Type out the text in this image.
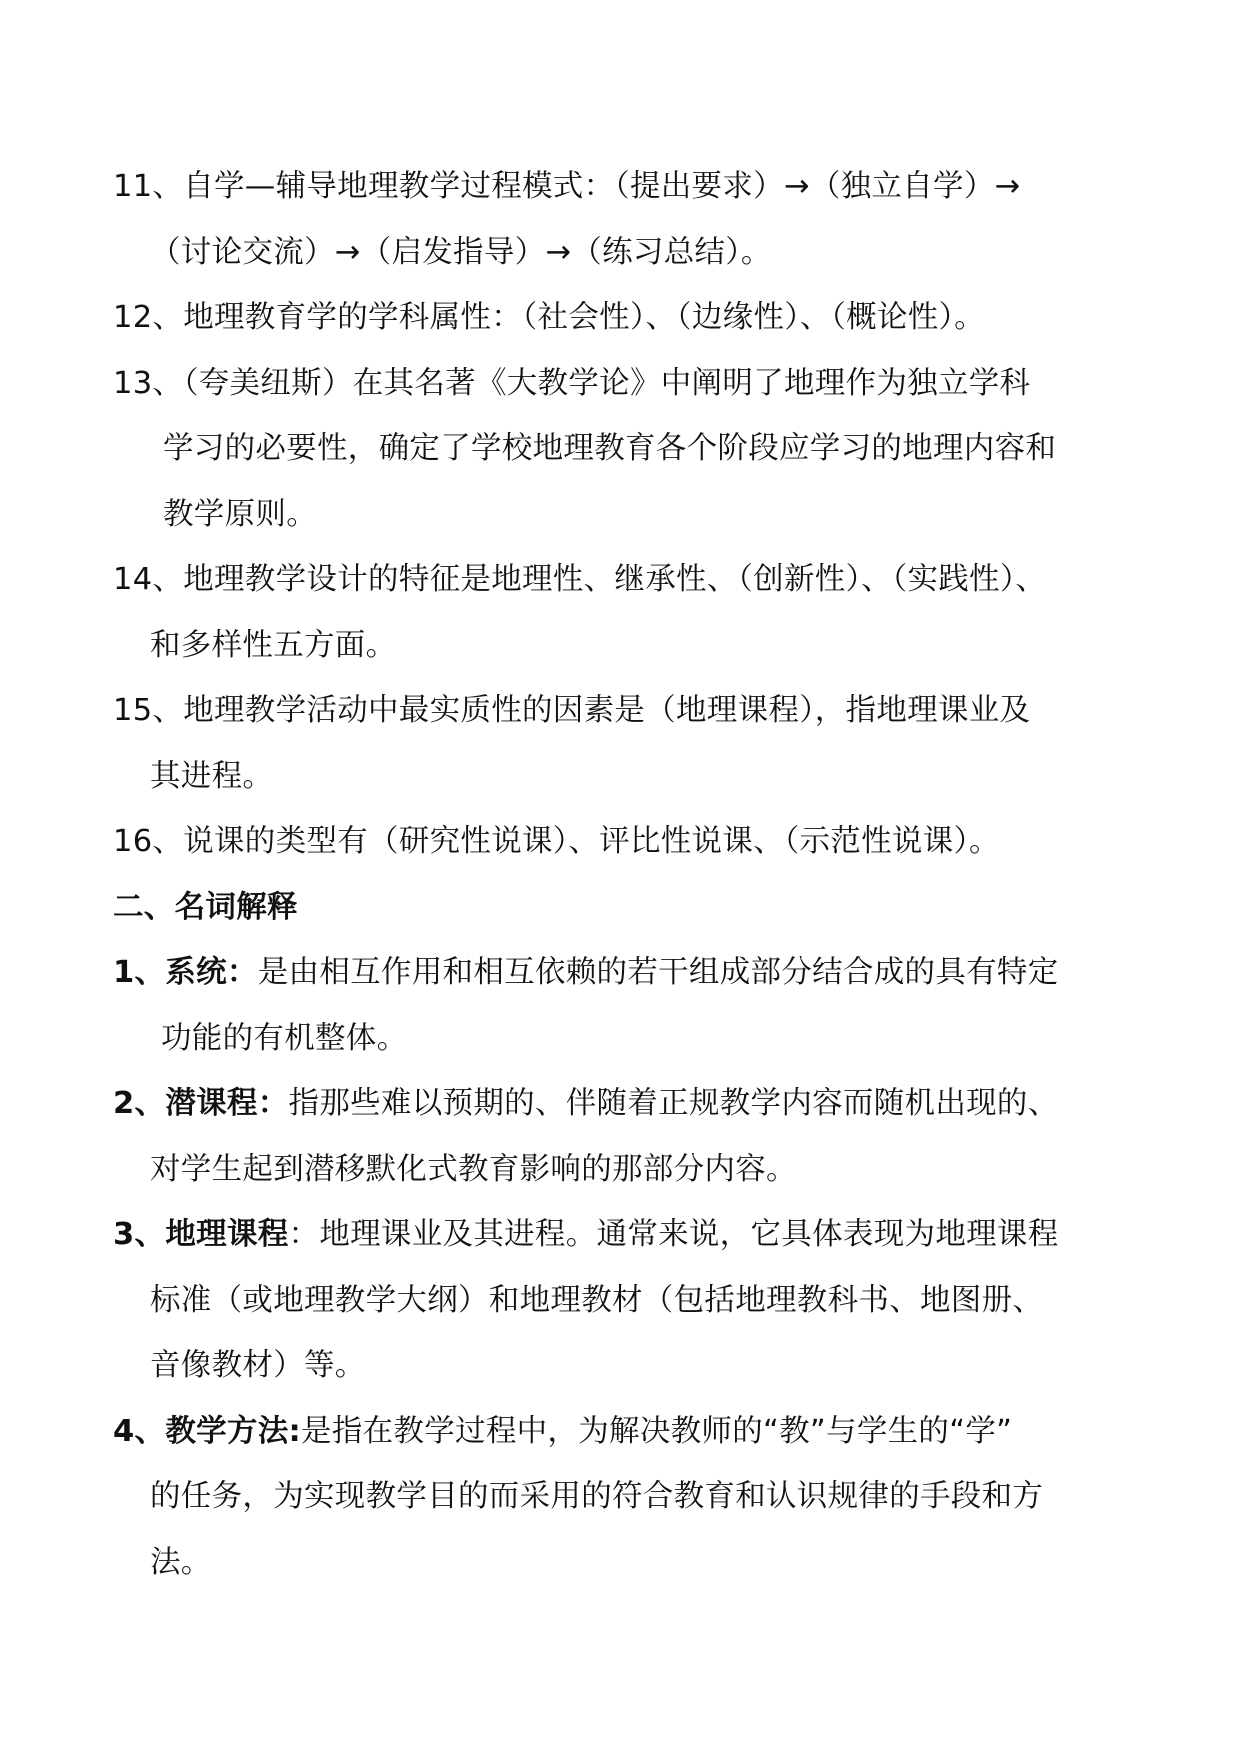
11、自学—辅导地理教学过程模式：（提出要求）→（独立自学）→
（讨论交流）→（启发指导）→（练习总结）。
12、地理教育学的学科属性：（社会性）、（边缘性）、（概论性）。
13、（夸美纽斯）在其名著《大教学论》中阐明了地理作为独立学科
学习的必要性，确定了学校地理教育各个阶段应学习的地理内容和
教学原则。
14、地理教学设计的特征是地理性、继承性、（创新性）、（实践性）、
和多样性五方面。
15、地理教学活动中最实质性的因素是（地理课程），指地理课业及
其进程。
16、说课的类型有（研究性说课）、评比性说课、（示范性说课）。
二、名词解释
1、系统：是由相互作用和相互依赖的若干组成部分结合成的具有特定
功能的有机整体。
2、潜课程：指那些难以预期的、伴随着正规教学内容而随机出现的、
对学生起到潜移默化式教育影响的那部分内容。
3、地理课程：地理课业及其进程。通常来说，它具体表现为地理课程
标准（或地理教学大纲）和地理教材（包括地理教科书、地图册、
音像教材）等。
4、教学方法:是指在教学过程中，为解决教师的“教”与学生的“学”
的任务，为实现教学目的而采用的符合教育和认识规律的手段和方
法。
